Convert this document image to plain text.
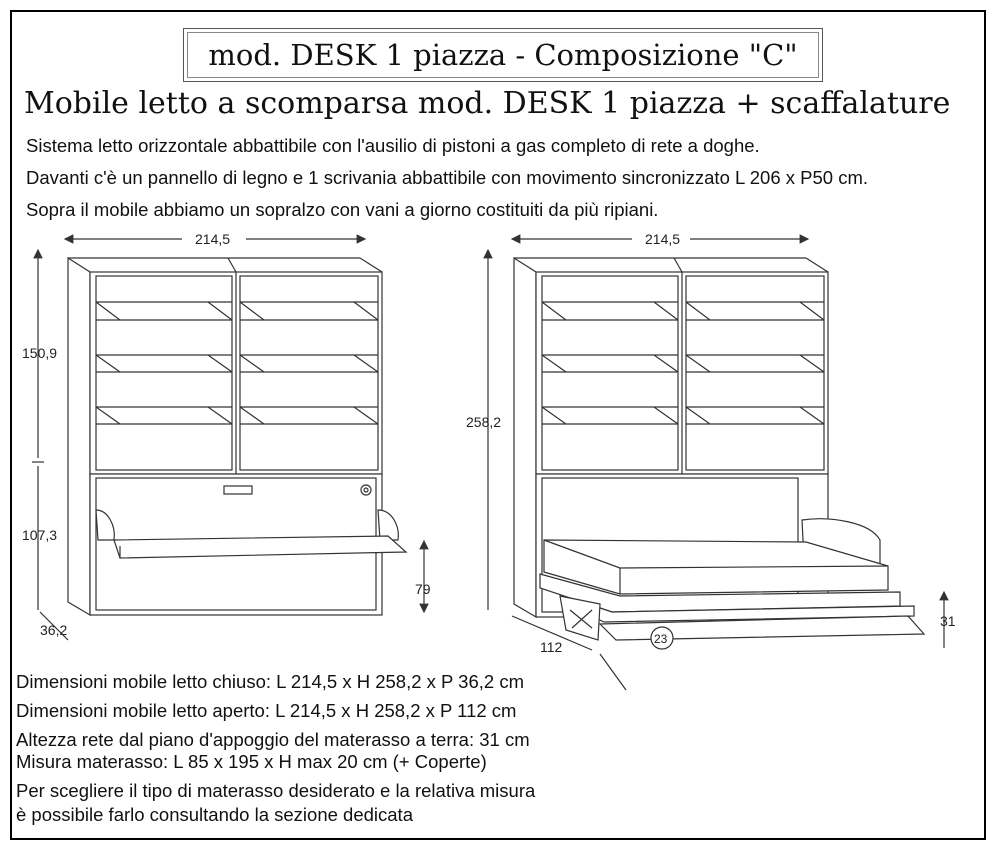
mod. DESK 1 piazza - Composizione "C"
Mobile letto a scomparsa mod. DESK 1 piazza + scaffalature
Sistema letto orizzontale abbattibile con l'ausilio di pistoni a gas completo di rete a doghe.
Davanti c'è un pannello di legno e 1 scrivania abbattibile con movimento sincronizzato L 206 x P50 cm.
Sopra il mobile abbiamo un sopralzo con vani a giorno costituiti da più ripiani.
214,5
150,9
107,3
36,2
79
214,5
258,2
112
31
23
Dimensioni mobile letto chiuso: L 214,5 x H 258,2 x P 36,2 cm
Dimensioni mobile letto aperto: L 214,5 x H 258,2 x P 112 cm
Altezza rete dal piano d'appoggio del materasso a terra: 31 cm
Misura materasso: L 85 x 195 x H max 20 cm (+ Coperte)
Per scegliere il tipo di materasso desiderato e la relativa misura
è possibile farlo consultando la sezione dedicata
